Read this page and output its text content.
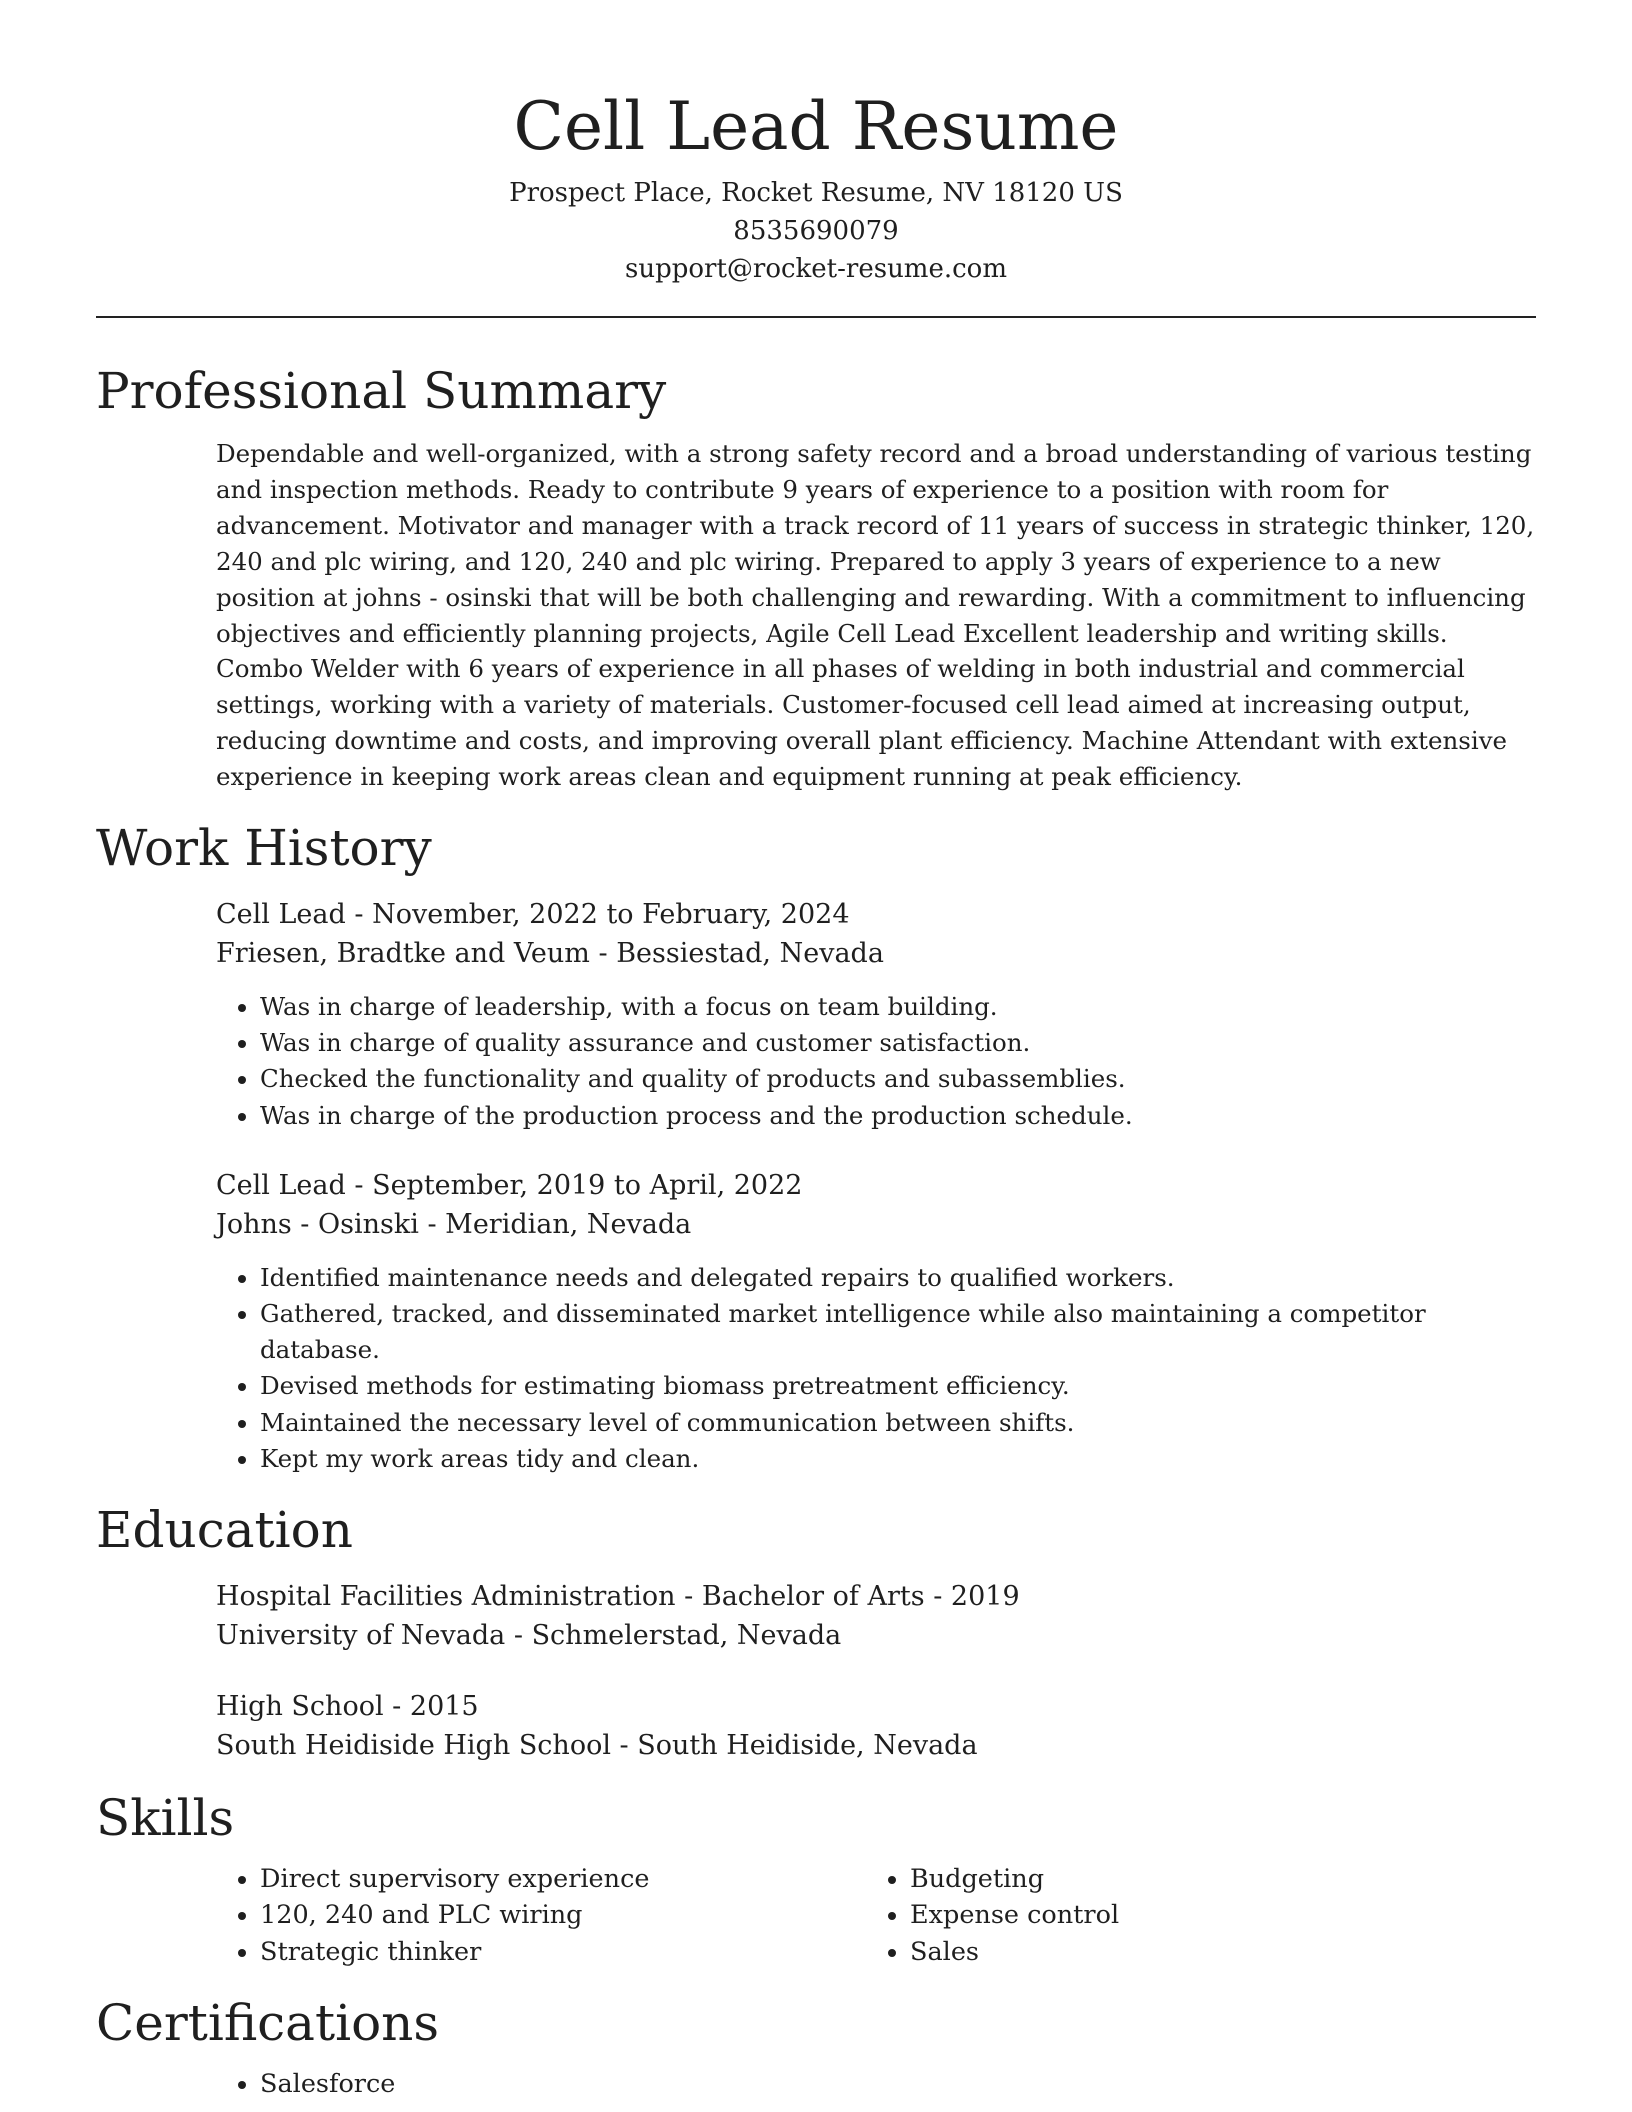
Cell Lead Resume
Prospect Place, Rocket Resume, NV 18120 US
8535690079
support@rocket-resume.com
Professional Summary
Dependable and well-organized, with a strong safety record and a broad understanding of various testing and inspection methods. Ready to contribute 9 years of experience to a position with room for advancement. Motivator and manager with a track record of 11 years of success in strategic thinker, 120, 240 and plc wiring, and 120, 240 and plc wiring. Prepared to apply 3 years of experience to a new position at johns - osinski that will be both challenging and rewarding. With a commitment to influencing objectives and efficiently planning projects, Agile Cell Lead Excellent leadership and writing skills. Combo Welder with 6 years of experience in all phases of welding in both industrial and commercial settings, working with a variety of materials. Customer-focused cell lead aimed at increasing output, reducing downtime and costs, and improving overall plant efficiency. Machine Attendant with extensive experience in keeping work areas clean and equipment running at peak efficiency.
Work History
Cell Lead - November, 2022 to February, 2024
Friesen, Bradtke and Veum - Bessiestad, Nevada
• Was in charge of leadership, with a focus on team building.
• Was in charge of quality assurance and customer satisfaction.
• Checked the functionality and quality of products and subassemblies.
• Was in charge of the production process and the production schedule.
Cell Lead - September, 2019 to April, 2022
Johns - Osinski - Meridian, Nevada
• Identified maintenance needs and delegated repairs to qualified workers.
• Gathered, tracked, and disseminated market intelligence while also maintaining a competitor database.
• Devised methods for estimating biomass pretreatment efficiency.
• Maintained the necessary level of communication between shifts.
• Kept my work areas tidy and clean.
Education
Hospital Facilities Administration - Bachelor of Arts - 2019
University of Nevada - Schmelerstad, Nevada
High School - 2015
South Heidiside High School - South Heidiside, Nevada
Skills
• Direct supervisory experience
• 120, 240 and PLC wiring
• Strategic thinker
• Budgeting
• Expense control
• Sales
Certifications
• Salesforce
